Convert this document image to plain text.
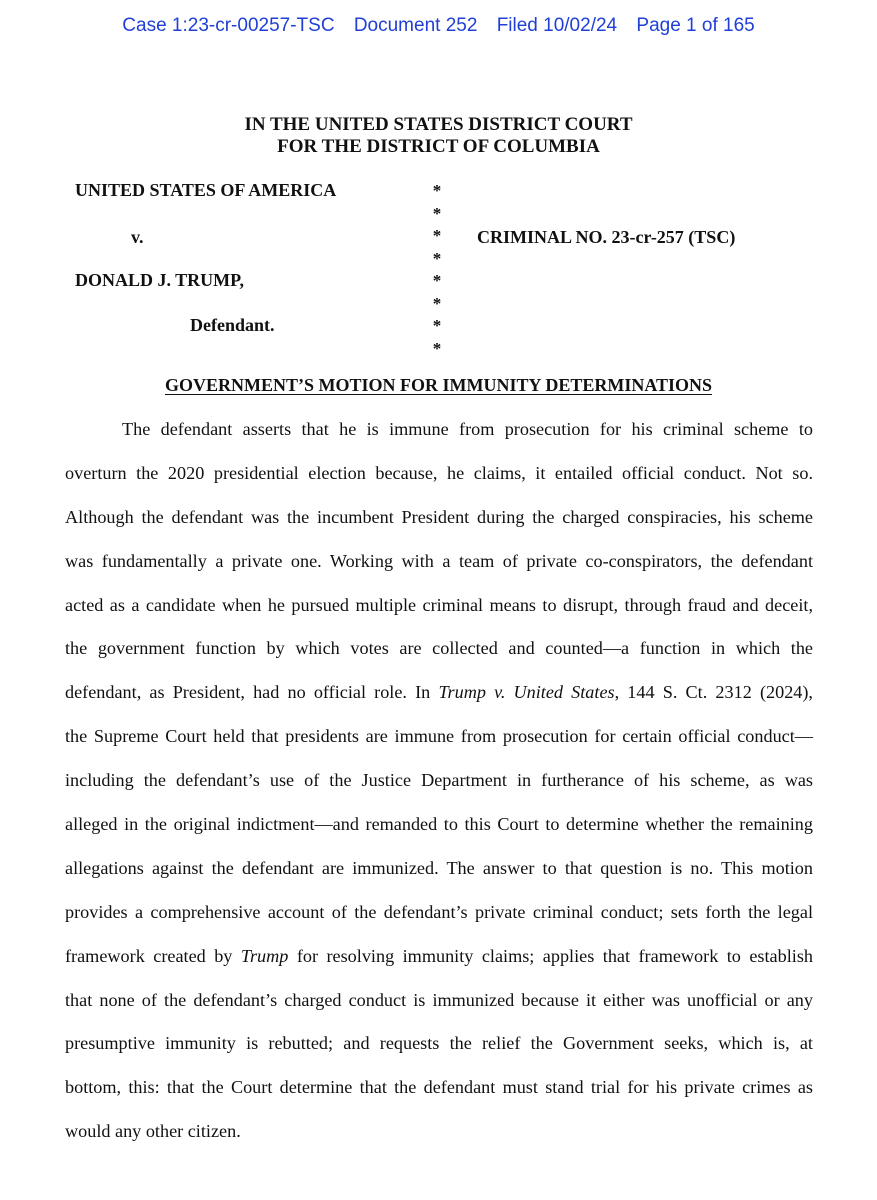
Case 1:23-cr-00257-TSC Document 252 Filed 10/02/24 Page 1 of 165
IN THE UNITED STATES DISTRICT COURT
FOR THE DISTRICT OF COLUMBIA
UNITED STATES OF AMERICA
v.
DONALD J. TRUMP,
Defendant.
*
*
*
*
*
*
*
*
CRIMINAL NO. 23-cr-257 (TSC)
GOVERNMENT’S MOTION FOR IMMUNITY DETERMINATIONS
The defendant asserts that he is immune from prosecution for his criminal scheme to
overturn the 2020 presidential election because, he claims, it entailed official conduct. Not so.
Although the defendant was the incumbent President during the charged conspiracies, his scheme
was fundamentally a private one. Working with a team of private co-conspirators, the defendant
acted as a candidate when he pursued multiple criminal means to disrupt, through fraud and deceit,
the government function by which votes are collected and counted—a function in which the
defendant, as President, had no official role. In Trump v. United States, 144 S. Ct. 2312 (2024),
the Supreme Court held that presidents are immune from prosecution for certain official conduct—
including the defendant’s use of the Justice Department in furtherance of his scheme, as was
alleged in the original indictment—and remanded to this Court to determine whether the remaining
allegations against the defendant are immunized. The answer to that question is no. This motion
provides a comprehensive account of the defendant’s private criminal conduct; sets forth the legal
framework created by Trump for resolving immunity claims; applies that framework to establish
that none of the defendant’s charged conduct is immunized because it either was unofficial or any
presumptive immunity is rebutted; and requests the relief the Government seeks, which is, at
bottom, this: that the Court determine that the defendant must stand trial for his private crimes as
would any other citizen.
